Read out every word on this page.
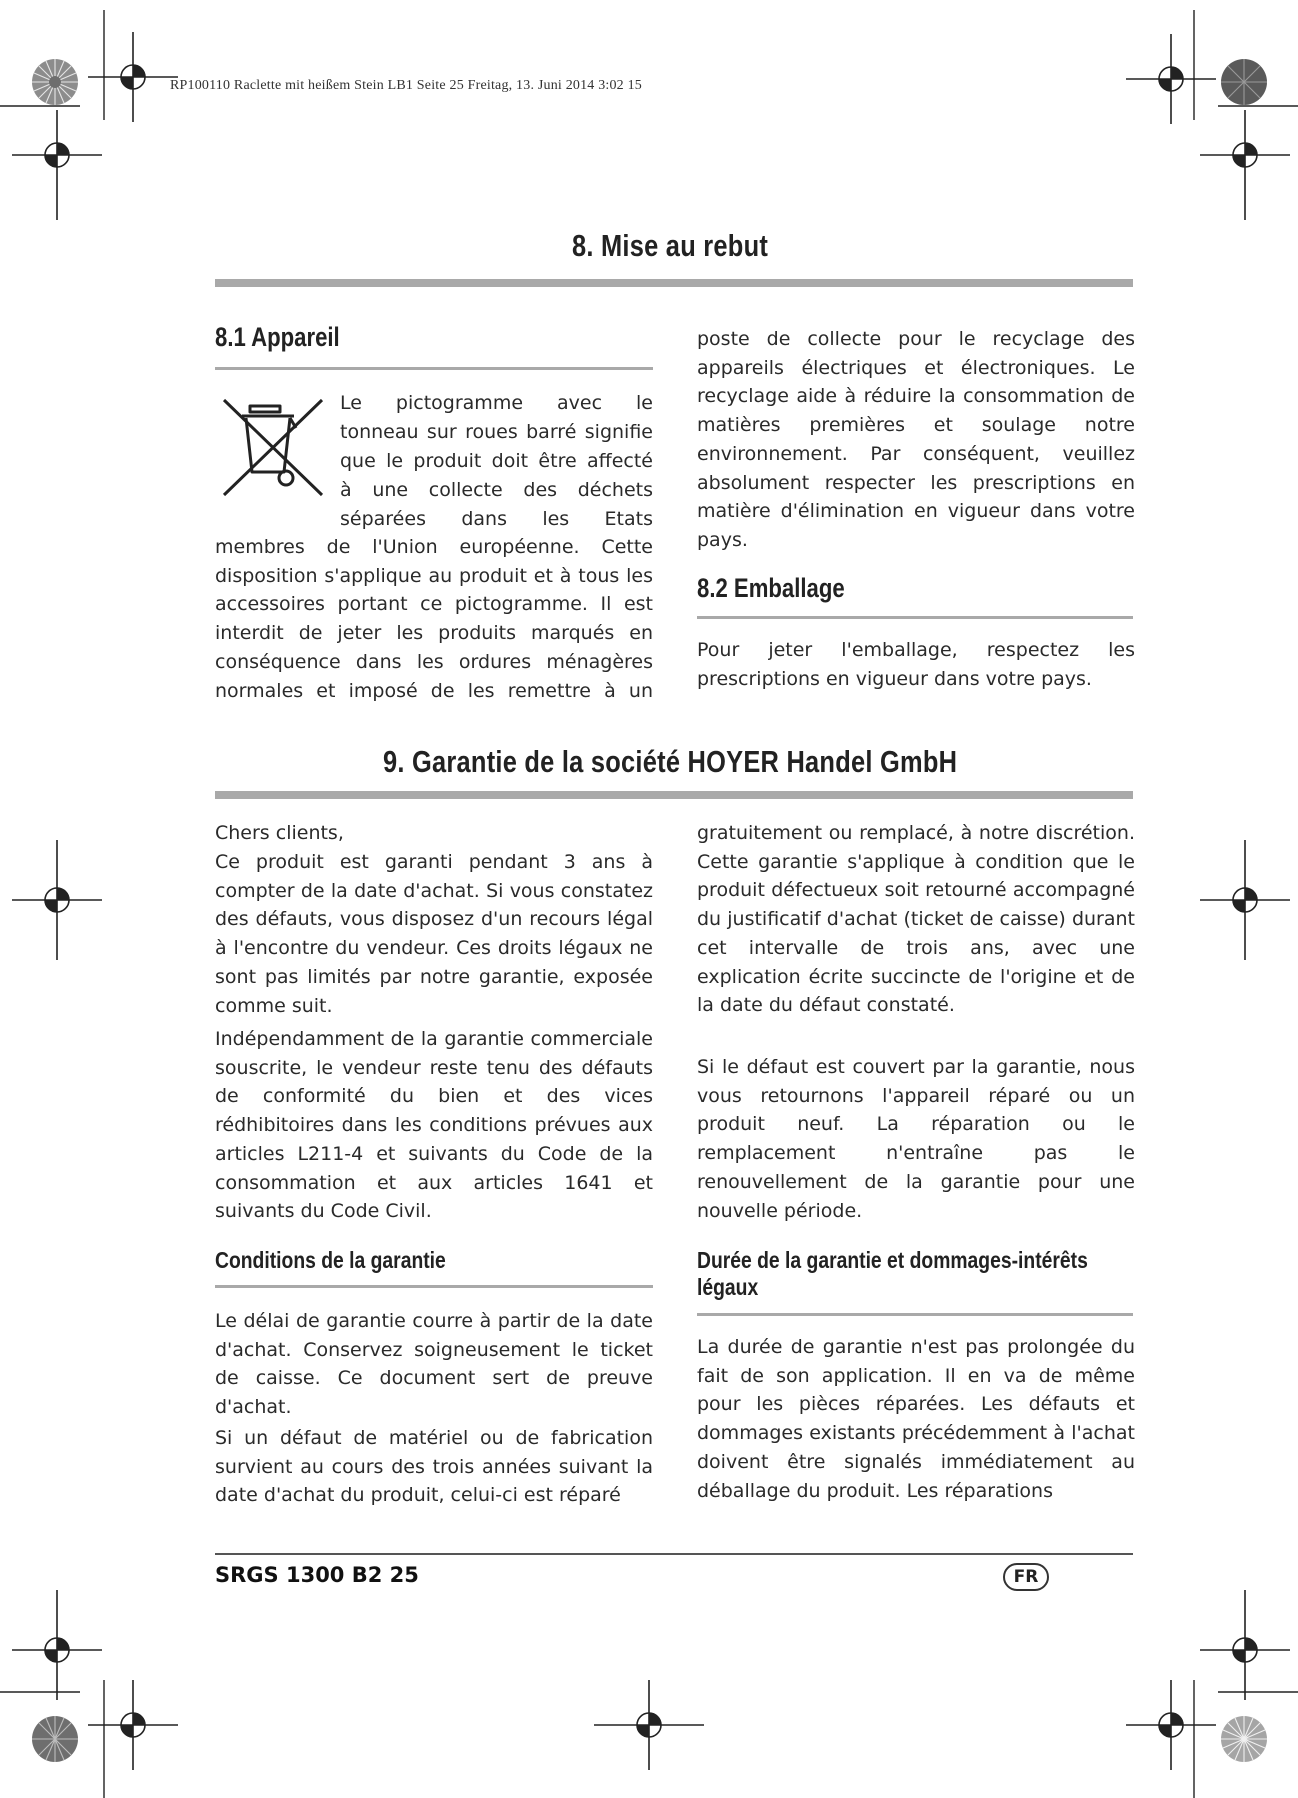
RP100110 Raclette mit heißem Stein LB1 Seite 25 Freitag, 13. Juni 2014 3:02 15
8. Mise au rebut
8.1 Appareil
Le pictogramme avec le
tonneau sur roues barré signifie
que le produit doit être affecté
à une collecte des déchets
séparées dans les Etats

membres de l'Union européenne. Cette disposition s'applique au produit et à tous les accessoires portant ce pictogramme. Il est interdit de jeter les produits marqués en conséquence dans les ordures ménagères normales et imposé de les remettre à un

poste de collecte pour le recyclage des appareils électriques et électroniques. Le recyclage aide à réduire la consommation de matières premières et soulage notre environnement. Par conséquent, veuillez absolument respecter les prescriptions en matière d'élimination en vigueur dans votre pays.

8.2 Emballage

Pour jeter l'emballage, respectez les prescriptions en vigueur dans votre pays.

9. Garantie de la société HOYER Handel GmbH

Chers clients,

Ce produit est garanti pendant 3 ans à compter de la date d'achat. Si vous constatez des défauts, vous disposez d'un recours légal à l'encontre du vendeur. Ces droits légaux ne sont pas limités par notre garantie, exposée comme suit.

Indépendamment de la garantie commerciale souscrite, le vendeur reste tenu des défauts de conformité du bien et des vices rédhibitoires dans les conditions prévues aux articles L211-4 et suivants du Code de la consommation et aux articles 1641 et suivants du Code Civil.

gratuitement ou remplacé, à notre discrétion. Cette garantie s'applique à condition que le produit défectueux soit retourné accompagné du justificatif d'achat (ticket de caisse) durant cet intervalle de trois ans, avec une explication écrite succincte de l'origine et de la date du défaut constaté.

Si le défaut est couvert par la garantie, nous vous retournons l'appareil réparé ou un produit neuf. La réparation ou le remplacement n'entraîne pas le renouvellement de la garantie pour une nouvelle période.

Conditions de la garantie

Le délai de garantie courre à partir de la date d'achat. Conservez soigneusement le ticket de caisse. Ce document sert de preuve d'achat.

Si un défaut de matériel ou de fabrication survient au cours des trois années suivant la date d'achat du produit, celui-ci est réparé

Durée de la garantie et dommages-intérêts légaux

La durée de garantie n'est pas prolongée du fait de son application. Il en va de même pour les pièces réparées. Les défauts et dommages existants précédemment à l'achat doivent être signalés immédiatement au déballage du produit. Les réparations

SRGS 1300 B2 25	FR
